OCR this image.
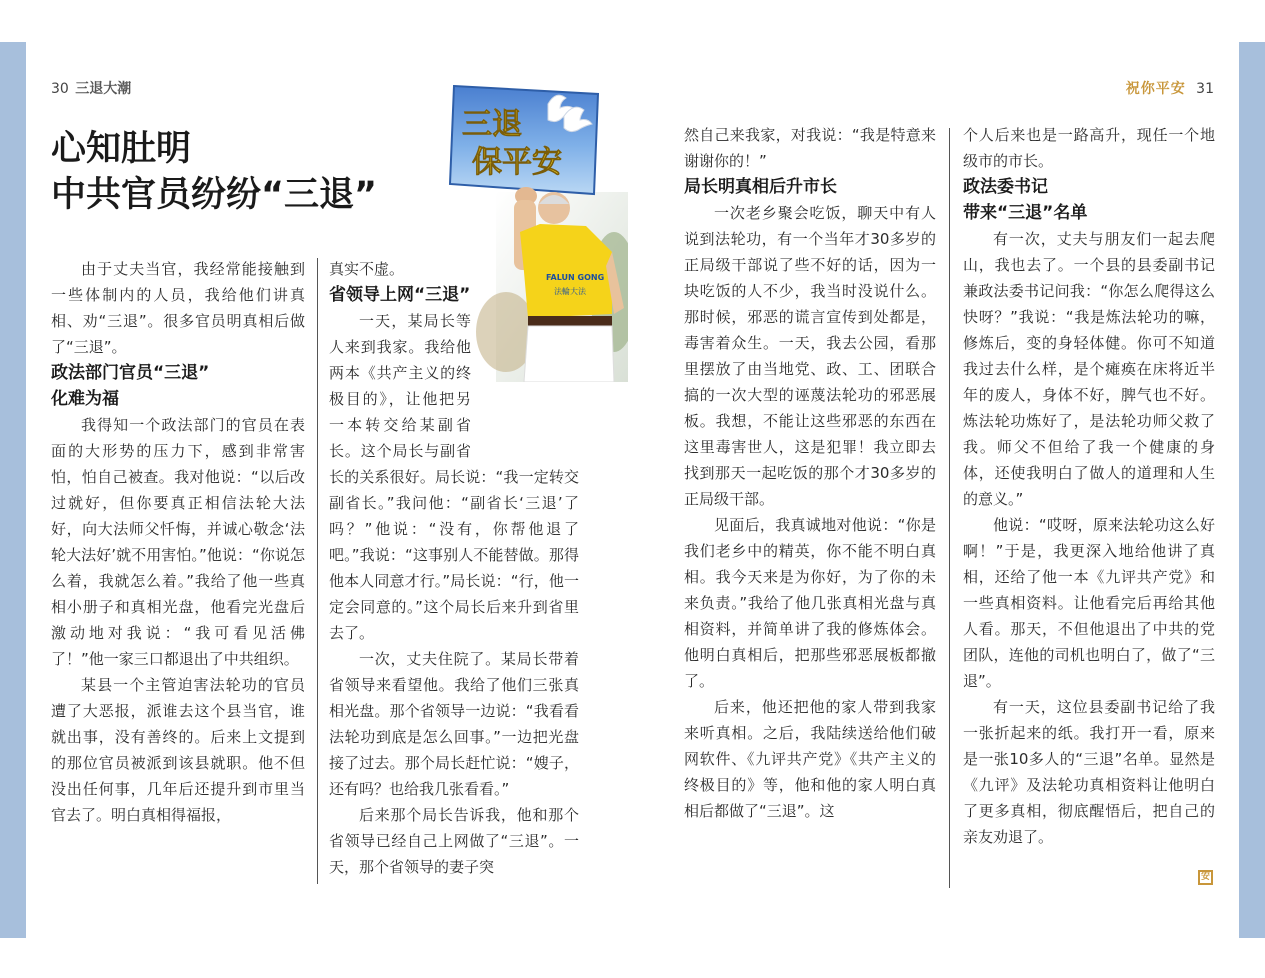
30 三退大潮	祝你平安 31
心知肚明
中共官员纷纷“三退”
三退
保平安
FALUN GONG
法輪大法

由于丈夫当官，我经常能接触到一些体制内的人员，我给他们讲真相、劝“三退”。很多官员明真相后做了“三退”。

政法部门官员“三退”
化难为福

我得知一个政法部门的官员在表面的大形势的压力下，感到非常害怕，怕自己被查。我对他说：“以后改过就好，但你要真正相信法轮大法好，向大法师父忏悔，并诚心敬念‘法轮大法好’就不用害怕。”他说：“你说怎么着，我就怎么着。”我给了他一些真相小册子和真相光盘，他看完光盘后激动地对我说：“我可看见活佛了！”他一家三口都退出了中共组织。

某县一个主管迫害法轮功的官员遭了大恶报，派谁去这个县当官，谁就出事，没有善终的。后来上文提到的那位官员被派到该县就职。他不但没出任何事，几年后还提升到市里当官去了。明白真相得福报，

真实不虚。

省领导上网“三退”

一天，某局长等人来到我家。我给他两本《共产主义的终极目的》，让他把另一本转交给某副省长。这个局长与副省长的关系很好。局长说：“我一定转交副省长。”我问他：“副省长‘三退’了吗？”他说：“没有，你帮他退了吧。”我说：“这事别人不能替做。那得他本人同意才行。”局长说：“行，他一定会同意的。”这个局长后来升到省里去了。

一次，丈夫住院了。某局长带着省领导来看望他。我给了他们三张真相光盘。那个省领导一边说：“我看看法轮功到底是怎么回事。”一边把光盘接了过去。那个局长赶忙说：“嫂子，还有吗？也给我几张看看。”

后来那个局长告诉我，他和那个省领导已经自己上网做了“三退”。一天，那个省领导的妻子突

然自己来我家，对我说：“我是特意来谢谢你的！”

局长明真相后升市长

一次老乡聚会吃饭，聊天中有人说到法轮功，有一个当年才30多岁的正局级干部说了些不好的话，因为一块吃饭的人不少，我当时没说什么。那时候，邪恶的谎言宣传到处都是，毒害着众生。一天，我去公园，看那里摆放了由当地党、政、工、团联合搞的一次大型的诬蔑法轮功的邪恶展板。我想，不能让这些邪恶的东西在这里毒害世人，这是犯罪！我立即去找到那天一起吃饭的那个才30多岁的正局级干部。

见面后，我真诚地对他说：“你是我们老乡中的精英，你不能不明白真相。我今天来是为你好，为了你的未来负责。”我给了他几张真相光盘与真相资料，并简单讲了我的修炼体会。他明白真相后，把那些邪恶展板都撤了。

后来，他还把他的家人带到我家来听真相。之后，我陆续送给他们破网软件、《九评共产党》《共产主义的终极目的》等，他和他的家人明白真相后都做了“三退”。这

个人后来也是一路高升，现任一个地级市的市长。

政法委书记
带来“三退”名单

有一次，丈夫与朋友们一起去爬山，我也去了。一个县的县委副书记兼政法委书记问我：“你怎么爬得这么快呀？”我说：“我是炼法轮功的嘛，修炼后，变的身轻体健。你可不知道我过去什么样，是个瘫痪在床将近半年的废人，身体不好，脾气也不好。炼法轮功炼好了，是法轮功师父救了我。师父不但给了我一个健康的身体，还使我明白了做人的道理和人生的意义。”

他说：“哎呀，原来法轮功这么好啊！”于是，我更深入地给他讲了真相，还给了他一本《九评共产党》和一些真相资料。让他看完后再给其他人看。那天，不但他退出了中共的党团队，连他的司机也明白了，做了“三退”。

有一天，这位县委副书记给了我一张折起来的纸。我打开一看，原来是一张10多人的“三退”名单。显然是《九评》及法轮功真相资料让他明白了更多真相，彻底醒悟后，把自己的亲友劝退了。

安
